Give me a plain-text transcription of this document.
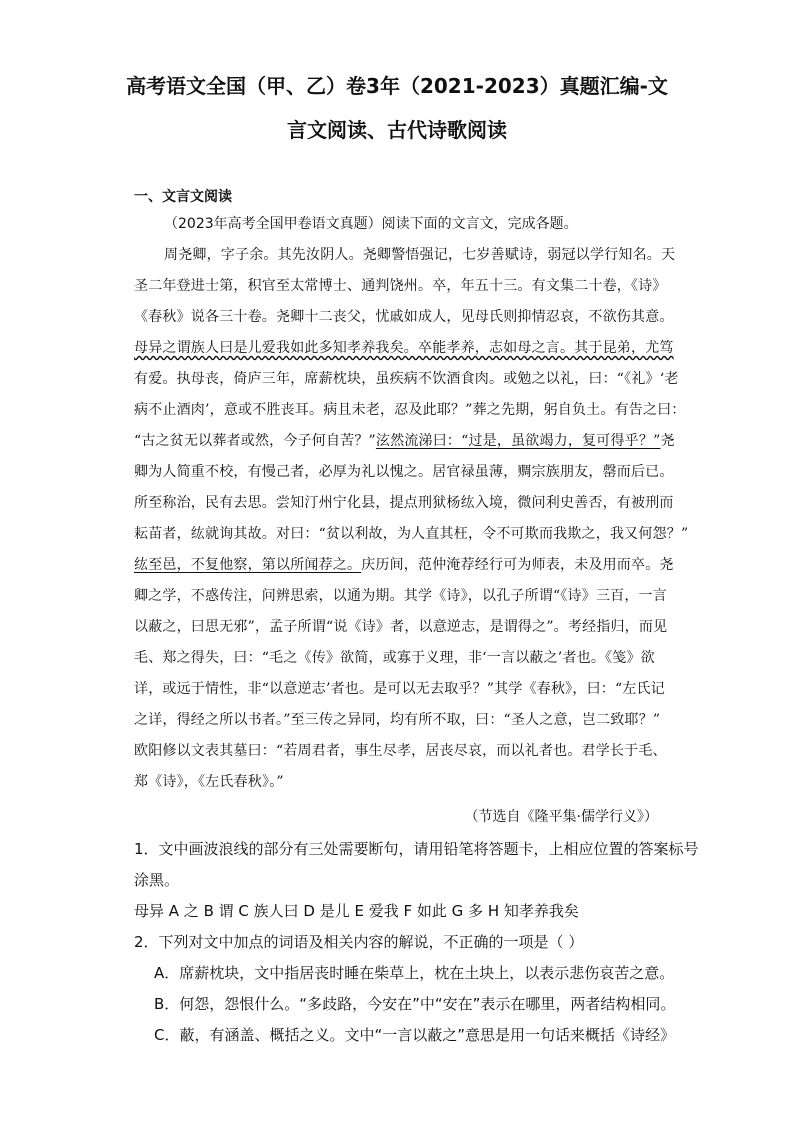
高考语文全国（甲、乙）卷3年（2021-2023）真题汇编-文
言文阅读、古代诗歌阅读
一、文言文阅读
（2023年高考全国甲卷语文真题）阅读下面的文言文，完成各题。
周尧卿，字子余。其先汝阴人。尧卿警悟强记，七岁善赋诗，弱冠以学行知名。天
圣二年登进士第，积官至太常博士、通判饶州。卒，年五十三。有文集二十卷，《诗》
《春秋》说各三十卷。尧卿十二丧父，忧戚如成人，见母氏则抑情忍哀，不欲伤其意。
母异之谓族人曰是儿爱我如此多知孝养我矣。卒能孝养，志如母之言。其于昆弟，尤笃
有爱。执母丧，倚庐三年，席薪枕块，虽疾病不饮酒食肉。或勉之以礼，曰：“《礼》‘老
病不止酒肉’，意或不胜丧耳。病且未老，忍及此耶？”葬之先期，躬自负土。有告之曰：
“古之贫无以葬者或然，今子何自苦？”泫然流涕曰：“过是，虽欲竭力，复可得乎？”尧
卿为人简重不校，有慢己者，必厚为礼以愧之。居官禄虽薄，赒宗族朋友，罄而后已。
所至称治，民有去思。尝知汀州宁化县，提点刑狱杨纮入境，微问利史善否，有被刑而
耘苗者，纮就询其故。对曰：“贫以利故，为人直其枉，令不可欺而我欺之，我又何怨？”
纮至邑，不复他察，第以所闻荐之。庆历间，范仲淹荐经行可为师表，未及用而卒。尧
卿之学，不惑传注，问辨思索，以通为期。其学《诗》，以孔子所谓“《诗》三百，一言
以蔽之，曰思无邪”，孟子所谓“说《诗》者，以意逆志，是谓得之”。考经指归，而见
毛、郑之得失，曰：“毛之《传》欲简，或寡于义理，非‘一言以蔽之’者也。《笺》欲
详，或远于情性，非“以意逆志’者也。是可以无去取乎？”其学《春秋》，曰：“左氏记
之详，得经之所以书者。”至三传之异同，均有所不取，曰：“圣人之意，岂二致耶？”
欧阳修以文表其墓曰：“若周君者，事生尽孝，居丧尽哀，而以礼者也。君学长于毛、
郑《诗》，《左氏春秋》。”
（节选自《隆平集·儒学行义》）
1．文中画波浪线的部分有三处需要断句，请用铅笔将答题卡，上相应位置的答案标号
涂黑。
母异 A 之 B 谓 C 族人曰 D 是儿 E 爱我 F 如此 G 多 H 知孝养我矣
2．下列对文中加点的词语及相关内容的解说，不正确的一项是（ ）
A．席薪枕块，文中指居丧时睡在柴草上，枕在土块上，以表示悲伤哀苦之意。
B．何怨，怨恨什么。“多歧路，今安在”中“安在”表示在哪里，两者结构相同。
C．蔽，有涵盖、概括之义。文中“一言以蔽之”意思是用一句话来概括《诗经》
